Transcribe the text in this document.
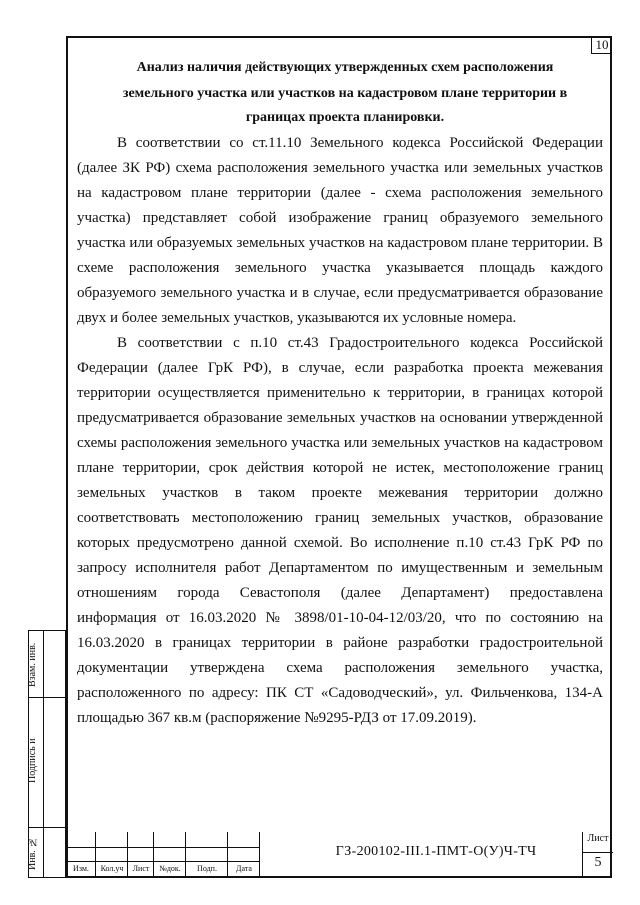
10
Анализ наличия действующих утвержденных схем расположения
земельного участка или участков на кадастровом плане территории в
границах проекта планировки.

В соответствии со ст.11.10 Земельного кодекса Российской Федерации (далее ЗК РФ) схема расположения земельного участка или земельных участков на кадастровом плане территории (далее - схема расположения земельного участка) представляет собой изображение границ образуемого земельного участка или образуемых земельных участков на кадастровом плане территории. В схеме расположения земельного участка указывается площадь каждого образуемого земельного участка и в случае, если предусматривается образование двух и более земельных участков, указываются их условные номера.

В соответствии с п.10 ст.43 Градостроительного кодекса Российской Федерации (далее ГрК РФ), в случае, если разработка проекта межевания территории осуществляется применительно к территории, в границах которой предусматривается образование земельных участков на основании утвержденной схемы расположения земельного участка или земельных участков на кадастровом плане территории, срок действия которой не истек, местоположение границ земельных участков в таком проекте межевания территории должно соответствовать местоположению границ земельных участков, образование которых предусмотрено данной схемой. Во исполнение п.10 ст.43 ГрК РФ по запросу исполнителя работ Департаментом по имущественным и земельным отношениям города Севастополя (далее Департамент) предоставлена информация от 16.03.2020 № 3898/01-10-04-12/03/20, что по состоянию на 16.03.2020 в границах территории в районе разработки градостроительной документации утверждена схема расположения земельного участка, расположенного по адресу: ПК СТ «Садоводческий», ул. Фильченкова, 134-А площадью 367 кв.м (распоряжение №9295-РДЗ от 17.09.2019).

Взам. инв.
Подпись и
Инв. №	Изм.	Кол.уч	Лист	№док.	Подп.	Дата
ГЗ-200102-III.1-ПМТ-О(У)Ч-ТЧ
Лист
5
